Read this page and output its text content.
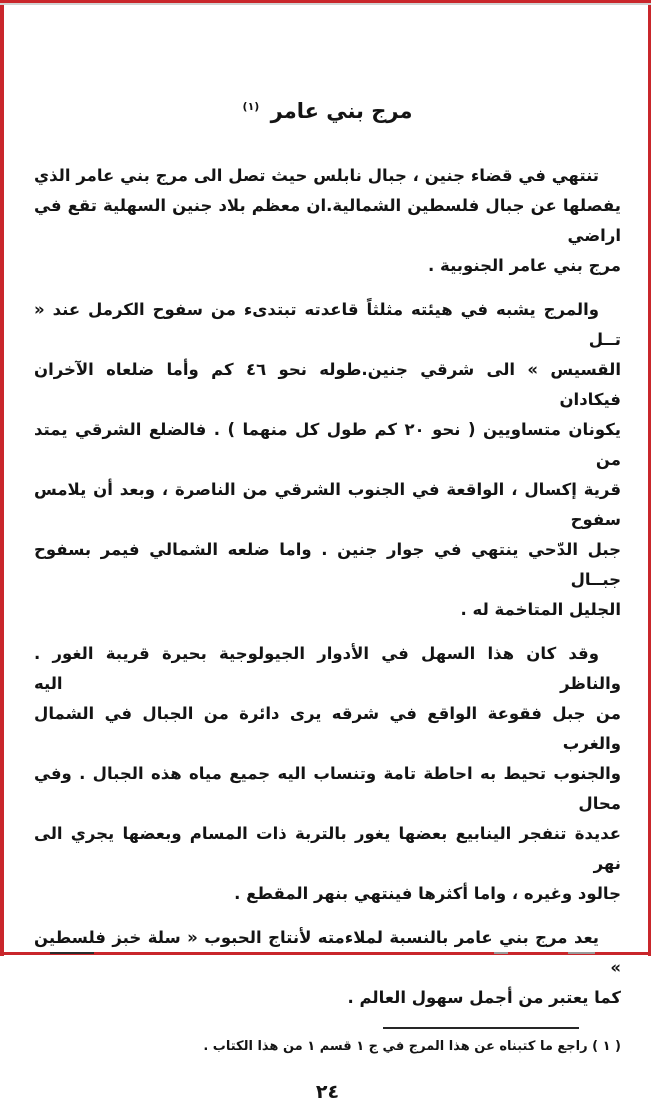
مرج بني عامر $^{(١)}$
تنتهي في قضاء جنين ، جبال نابلس حيث تصل الى مرج بني عامر الذي
يفصلها عن جبال فلسطين الشمالية.ان معظم بلاد جنين السهلية تقع في اراضي
مرج بني عامر الجنوبية .
والمرج يشبه في هيئته مثلثاً قاعدته تبتدىء من سفوح الكرمل عند « تــل
القسيس » الى شرقي جنين.طوله نحو ٤٦ كم وأما ضلعاه الآخران فيكادان
يكونان متساويين ( نحو ٢٠ كم طول كل منهما ) . فالضلع الشرقي يمتد من
قرية إكسال ، الواقعة في الجنوب الشرقي من الناصرة ، وبعد أن يلامس سفوح
جبل الدّحي ينتهي في جوار جنين . واما ضلعه الشمالي فيمر بسفوح جبــال
الجليل المتاخمة له .
وقد كان هذا السهل في الأدوار الجيولوجية بحيرة قريبة الغور . والناظر اليه
من جبل فقوعة الواقع في شرقه يرى دائرة من الجبال في الشمال والغرب
والجنوب تحيط به احاطة تامة وتنساب اليه جميع مياه هذه الجبال . وفي محال
عديدة تنفجر الينابيع بعضها يغور بالتربة ذات المسام وبعضها يجري الى نهر
جالود وغيره ، واما أكثرها فينتهي بنهر المقطع .
يعد مرج بني عامر بالنسبة لملاءمته لأنتاج الحبوب « سلة خبز فلسطين »
كما يعتبر من أجمل سهول العالم .
( ١ ) راجع ما كتبناه عن هذا المرج في ج ١ قسم ١ من هذا الكتاب .
٢٤
